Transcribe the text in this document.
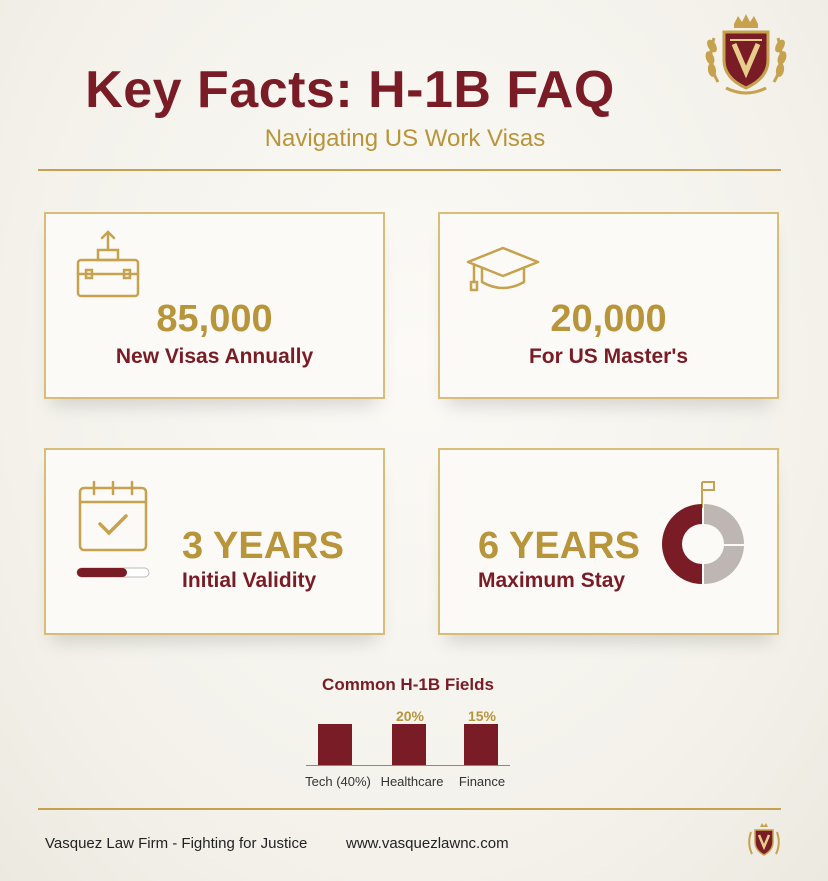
Key Facts: H-1B FAQ
Navigating US Work Visas
85,000
New Visas Annually
20,000
For US Master's
3 YEARS
Initial Validity
6 YEARS
Maximum Stay
Common H-1B Fields
20%	15%
Tech (40%) Healthcare	Finance
Vasquez Law Firm - Fighting for Justice	www.vasquezlawnc.com
